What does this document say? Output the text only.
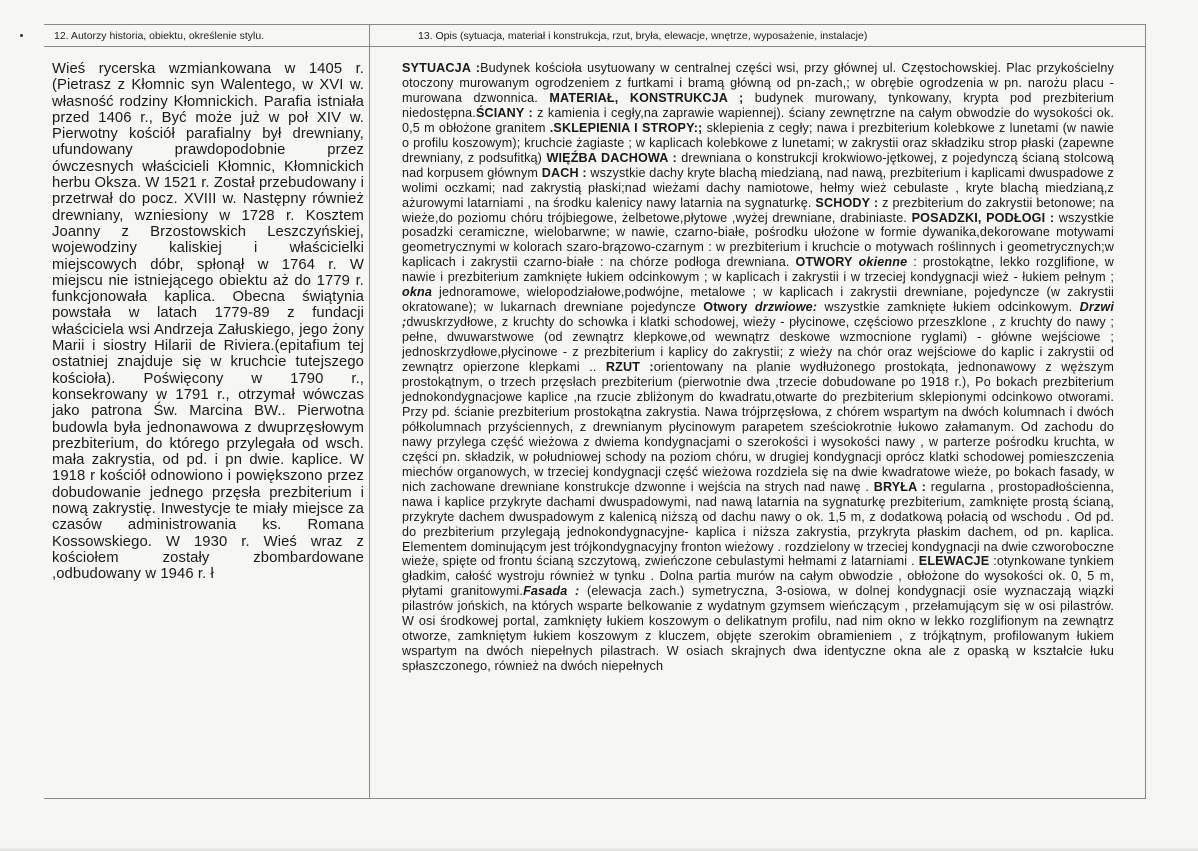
12. Autorzy historia, obiektu, określenie stylu.
Wieś rycerska wzmiankowana w 1405 r. (Pietrasz z Kłomnic syn Walentego, w XVI w. własność rodziny Kłomnickich. Parafia istniała przed 1406 r., Być może już w poł XIV w. Pierwotny kościół parafialny był drewniany, ufundowany prawdopodobnie przez ówczesnych właścicieli Kłomnic, Kłomnickich herbu Oksza. W 1521 r. Został przebudowany i przetrwał do pocz. XVIII w. Następny również drewniany, wzniesiony w 1728 r. Kosztem Joanny z Brzostowskich Leszczyńskiej, wojewodziny kaliskiej i właścicielki miejscowych dóbr, spłonął w 1764 r. W miejscu nie istniejącego obiektu aż do 1779 r. funkcjonowała kaplica. Obecna świątynia powstała w latach 1779-89 z fundacji właściciela wsi Andrzeja Załuskiego, jego żony Marii i siostry Hilarii de Riviera.(epitafium tej ostatniej znajduje się w kruchcie tutejszego kościoła). Poświęcony w 1790 r., konsekrowany w 1791 r., otrzymał wówczas jako patrona Św. Marcina BW.. Pierwotna budowla była jednonawowa z dwuprzęsłowym prezbiterium, do którego przylegała od wsch. mała zakrystia, od pd. i pn dwie. kaplice. W 1918 r kościół odnowiono i powiększono przez dobudowanie jednego przęsła prezbiterium i nową zakrystię. Inwestycje te miały miejsce za czasów administrowania ks. Romana Kossowskiego. W 1930 r. Wieś wraz z kościołem zostały zbombardowane ,odbudowany w 1946 r. ł
13. Opis (sytuacja, materiał i konstrukcja, rzut, bryła, elewacje, wnętrze, wyposażenie, instalacje)
SYTUACJA :Budynek kościoła usytuowany w centralnej części wsi, przy głównej ul. Częstochowskiej. Plac przykościelny otoczony murowanym ogrodzeniem z furtkami i bramą główną od pn-zach,; w obrębie ogrodzenia w pn. narożu placu - murowana dzwonnica. MATERIAŁ, KONSTRUKCJA ; budynek murowany, tynkowany, krypta pod prezbiterium niedostępna.ŚCIANY : z kamienia i cegły,na zaprawie wapiennej). ściany zewnętrzne na całym obwodzie do wysokości ok. 0,5 m obłożone granitem .SKLEPIENIA I STROPY:; sklepienia z cegły; nawa i prezbiterium kolebkowe z lunetami (w nawie o profilu koszowym); kruchcie żagiaste ; w kaplicach kolebkowe z lunetami; w zakrystii oraz składziku strop płaski (zapewne drewniany, z podsufitką) WIĘŹBA DACHOWA : drewniana o konstrukcji krokwiowo-jętkowej, z pojedynczą ścianą stolcową nad korpusem głównym DACH : wszystkie dachy kryte blachą miedzianą, nad nawą, prezbiterium i kaplicami dwuspadowe z wolimi oczkami; nad zakrystią płaski;nad wieżami dachy namiotowe, hełmy wież cebulaste , kryte blachą miedzianą,z ażurowymi latarniami , na środku kalenicy nawy latarnia na sygnaturkę. SCHODY : z prezbiterium do zakrystii betonowe; na wieże,do poziomu chóru trójbiegowe, żelbetowe,płytowe ,wyżej drewniane, drabiniaste. POSADZKI, PODŁOGI : wszystkie posadzki ceramiczne, wielobarwne; w nawie, czarno-białe, pośrodku ułożone w formie dywanika,dekorowane motywami geometrycznymi w kolorach szaro-brązowo-czarnym : w prezbiterium i kruchcie o motywach roślinnych i geometrycznych;w kaplicach i zakrystii czarno-białe : na chórze podłoga drewniana. OTWORY okienne : prostokątne, lekko rozglifione, w nawie i prezbiterium zamknięte łukiem odcinkowym ; w kaplicach i zakrystii i w trzeciej kondygnacji wież - łukiem pełnym ; okna jednoramowe, wielopodziałowe,podwójne, metalowe ; w kaplicach i zakrystii drewniane, pojedyncze (w zakrystii okratowane); w lukarnach drewniane pojedyncze Otwory drzwiowe: wszystkie zamknięte łukiem odcinkowym. Drzwi ;dwuskrzydłowe, z kruchty do schowka i klatki schodowej, wieży - płycinowe, częściowo przeszklone , z kruchty do nawy ; pełne, dwuwarstwowe (od zewnątrz klepkowe,od wewnątrz deskowe wzmocnione ryglami) - główne wejściowe ; jednoskrzydłowe,płycinowe - z prezbiterium i kaplicy do zakrystii; z wieży na chór oraz wejściowe do kaplic i zakrystii od zewnątrz opierzone klepkami .. RZUT :orientowany na planie wydłużonego prostokąta, jednonawowy z węższym prostokątnym, o trzech przęsłach prezbiterium (pierwotnie dwa ,trzecie dobudowane po 1918 r.), Po bokach prezbiterium jednokondygnacjowe kaplice ,na rzucie zbliżonym do kwadratu,otwarte do prezbiterium sklepionymi odcinkowo otworami. Przy pd. ścianie prezbiterium prostokątna zakrystia. Nawa trójprzęsłowa, z chórem wspartym na dwóch kolumnach i dwóch półkolumnach przyściennych, z drewnianym płycinowym parapetem sześciokrotnie łukowo załamanym. Od zachodu do nawy przylega część wieżowa z dwiema kondygnacjami o szerokości i wysokości nawy , w parterze pośrodku kruchta, w części pn. składzik, w południowej schody na poziom chóru, w drugiej kondygnacji oprócz klatki schodowej pomieszczenia miechów organowych, w trzeciej kondygnacji część wieżowa rozdziela się na dwie kwadratowe wieże, po bokach fasady, w nich zachowane drewniane konstrukcje dzwonne i wejścia na strych nad nawę . BRYŁA : regularna , prostopadłościenna, nawa i kaplice przykryte dachami dwuspadowymi, nad nawą latarnia na sygnaturkę prezbiterium, zamknięte prostą ścianą, przykryte dachem dwuspadowym z kalenicą niższą od dachu nawy o ok. 1,5 m, z dodatkową połacią od wschodu . Od pd. do prezbiterium przylegają jednokondygnacyjne- kaplica i niższa zakrystia, przykryta płaskim dachem, od pn. kaplica. Elementem dominującym jest trójkondygnacyjny fronton wieżowy . rozdzielony w trzeciej kondygnacji na dwie czworoboczne wieże, spięte od frontu ścianą szczytową, zwieńczone cebulastymi hełmami z latarniami . ELEWACJE :otynkowane tynkiem gładkim, całość wystroju również w tynku . Dolna partia murów na całym obwodzie , obłożone do wysokości ok. 0, 5 m, płytami granitowymi.Fasada : (elewacja zach.) symetryczna, 3-osiowa, w dolnej kondygnacji osie wyznaczają wiązki pilastrów jońskich, na których wsparte belkowanie z wydatnym gzymsem wieńczącym , przełamującym się w osi pilastrów. W osi środkowej portal, zamknięty łukiem koszowym o delikatnym profilu, nad nim okno w lekko rozglifionym na zewnątrz otworze, zamkniętym łukiem koszowym z kluczem, objęte szerokim obramieniem , z trójkątnym, profilowanym łukiem wspartym na dwóch niepełnych pilastrach. W osiach skrajnych dwa identyczne okna ale z opaską w kształcie łuku spłaszczonego, również na dwóch niepełnych
